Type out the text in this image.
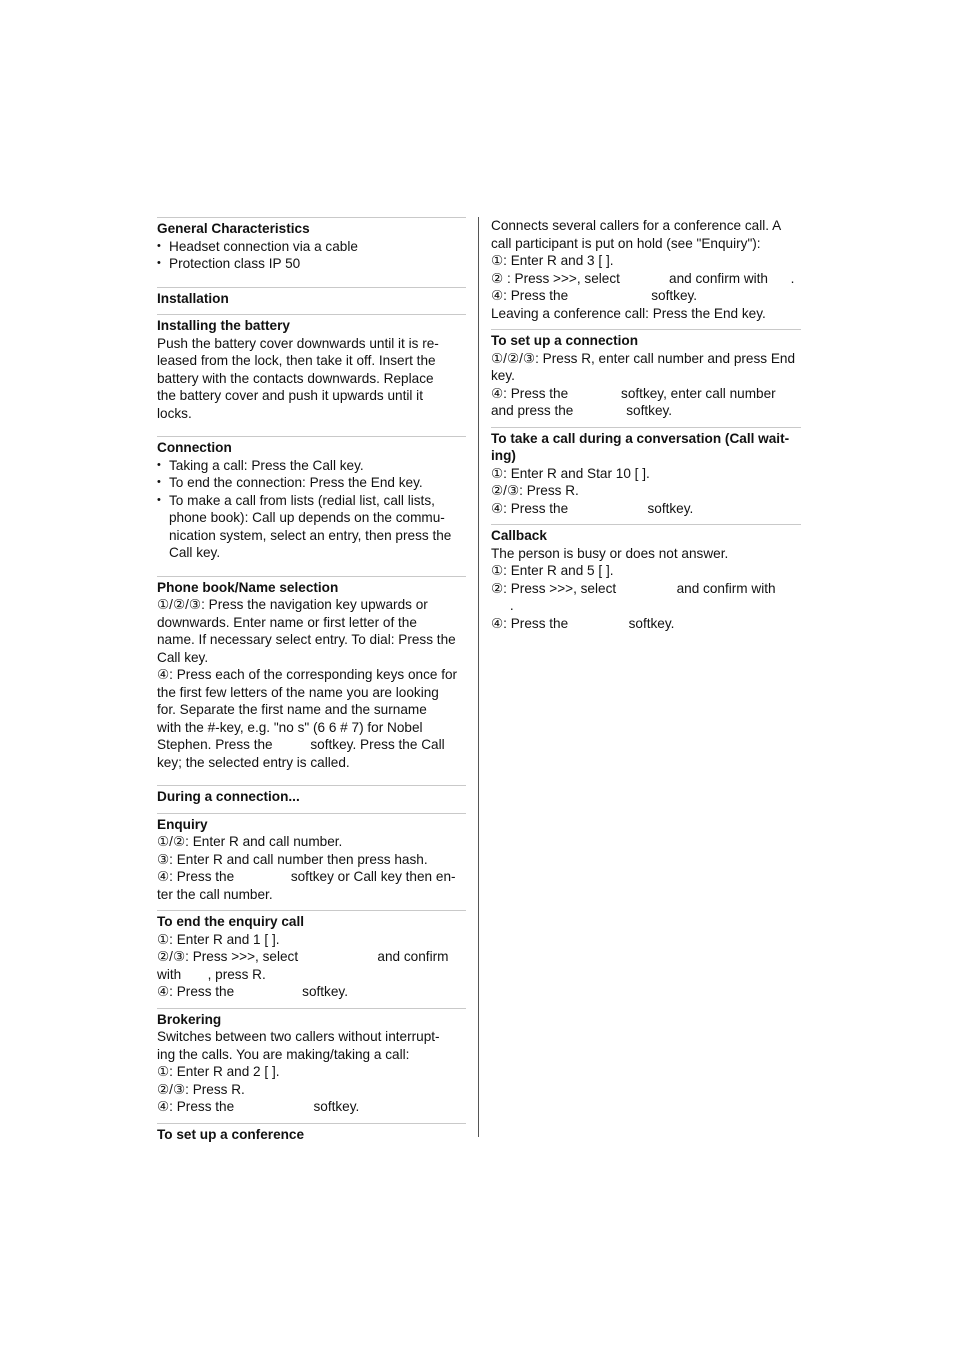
General Characteristics

• Headset connection via a cable
• Protection class IP 50

Installation

Installing the battery

Push the battery cover downwards until it is re-

leased from the lock, then take it off. Insert the

battery with the contacts downwards. Replace

the battery cover and push it upwards until it

locks.

Connection

• Taking a call: Press the Call key.
• To end the connection: Press the End key.
• To make a call from lists (redial list, call lists,
phone book): Call up depends on the commu-
nication system, select an entry, then press the
Call key.

Phone book/Name selection

①/②/③: Press the navigation key upwards or

downwards. Enter name or first letter of the

name. If necessary select entry. To dial: Press the

Call key.

④: Press each of the corresponding keys once for

the first few letters of the name you are looking

for. Separate the first name and the surname

with the #-key, e.g. "no s" (6 6 # 7) for Nobel

Stephen. Press the          softkey. Press the Call

key; the selected entry is called.

During a connection...

Enquiry

①/②: Enter R and call number.

③: Enter R and call number then press hash.

④: Press the               softkey or Call key then en-

ter the call number.

To end the enquiry call

①: Enter R and 1 [ ].

②/③: Press >>>, select                     and confirm

with       , press R.

④: Press the                  softkey.

Brokering

Switches between two callers without interrupt-

ing the calls. You are making/taking a call:

①: Enter R and 2 [ ].

②/③: Press R.

④: Press the                     softkey.

To set up a conference

Connects several callers for a conference call. A

call participant is put on hold (see "Enquiry"):

①: Enter R and 3 [ ].

② : Press >>>, select             and confirm with      .

④: Press the                      softkey.

Leaving a conference call: Press the End key.

To set up a connection

①/②/③: Press R, enter call number and press End

key.

④: Press the              softkey, enter call number

and press the              softkey.

To take a call during a conversation (Call wait-

ing)

①: Enter R and Star 10 [ ].

②/③: Press R.

④: Press the                     softkey.

Callback

The person is busy or does not answer.

①: Enter R and 5 [ ].

②: Press >>>, select                and confirm with

.

④: Press the                softkey.
